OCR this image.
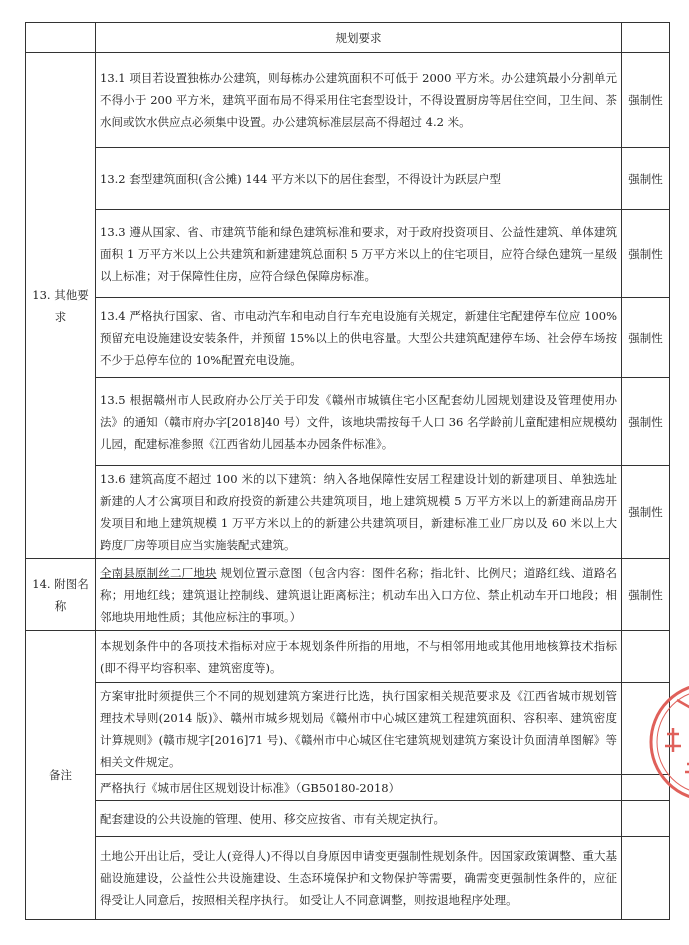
	规划要求	
13. 其他要求	13.1 项目若设置独栋办公建筑，则每栋办公建筑面积不可低于 2000 平方米。办公建筑最小分割单元不得小于 200 平方米，建筑平面布局不得采用住宅套型设计，不得设置厨房等居住空间，卫生间、茶水间或饮水供应点必须集中设置。办公建筑标准层层高不得超过 4.2 米。	强制性
	13.2 套型建筑面积(含公摊) 144 平方米以下的居住套型，不得设计为跃层户型	强制性
	13.3 遵从国家、省、市建筑节能和绿色建筑标准和要求，对于政府投资项目、公益性建筑、单体建筑面积 1 万平方米以上公共建筑和新建建筑总面积 5 万平方米以上的住宅项目，应符合绿色建筑一星级以上标准；对于保障性住房，应符合绿色保障房标准。	强制性
	13.4 严格执行国家、省、市电动汽车和电动自行车充电设施有关规定，新建住宅配建停车位应 100%预留充电设施建设安装条件，并预留 15%以上的供电容量。大型公共建筑配建停车场、社会停车场按不少于总停车位的 10%配置充电设施。	强制性
	13.5 根据赣州市人民政府办公厅关于印发《赣州市城镇住宅小区配套幼儿园规划建设及管理使用办法》的通知（赣市府办字[2018]40 号）文件，该地块需按每千人口 36 名学龄前儿童配建相应规模幼儿园，配建标准参照《江西省幼儿园基本办园条件标准》。	强制性
	13.6 建筑高度不超过 100 米的以下建筑：纳入各地保障性安居工程建设计划的新建项目、单独选址新建的人才公寓项目和政府投资的新建公共建筑项目，地上建筑规模 5 万平方米以上的新建商品房开发项目和地上建筑规模 1 万平方米以上的的新建公共建筑项目，新建标准工业厂房以及 60 米以上大跨度厂房等项目应当实施装配式建筑。	强制性
14. 附图名称	全南县原制丝二厂地块 规划位置示意图（包含内容：图件名称；指北针、比例尺；道路红线、道路名称；用地红线；建筑退让控制线、建筑退让距离标注；机动车出入口方位、禁止机动车开口地段；相邻地块用地性质；其他应标注的事项。）	强制性
备注	本规划条件中的各项技术指标对应于本规划条件所指的用地，不与相邻用地或其他用地核算技术指标(即不得平均容积率、建筑密度等)。	
	方案审批时须提供三个不同的规划建筑方案进行比选，执行国家相关规范要求及《江西省城市规划管理技术导则(2014 版)》、赣州市城乡规划局《赣州市中心城区建筑工程建筑面积、容积率、建筑密度计算规则》(赣市规字[2016]71 号)、《赣州市中心城区住宅建筑规划建筑方案设计负面清单图解》等相关文件规定。	
	严格执行《城市居住区规划设计标准》（GB50180-2018）	
	配套建设的公共设施的管理、使用、移交应按省、市有关规定执行。	
	土地公开出让后，受让人(竞得人)不得以自身原因申请变更强制性规划条件。因国家政策调整、重大基础设施建设，公益性公共设施建设、生态环境保护和文物保护等需要，确需变更强制性条件的，应征得受让人同意后，按照相关程序执行。 如受让人不同意调整，则按退地程序处理。	
